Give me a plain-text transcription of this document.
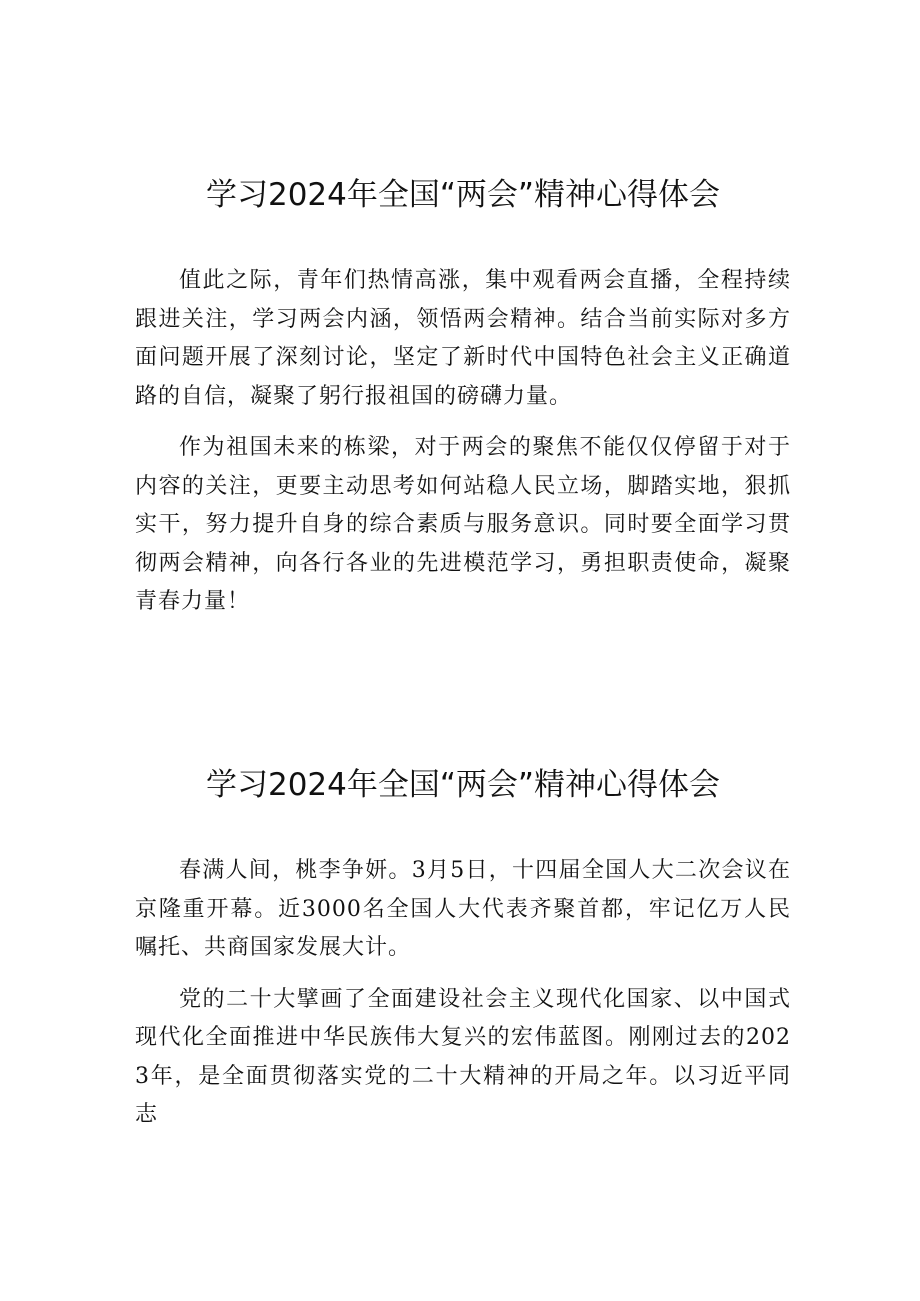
学习2024年全国“两会”精神心得体会

值此之际，青年们热情高涨，集中观看两会直播，全程持续跟进关注，学习两会内涵，领悟两会精神。结合当前实际对多方面问题开展了深刻讨论，坚定了新时代中国特色社会主义正确道路的自信，凝聚了躬行报祖国的磅礴力量。

作为祖国未来的栋梁，对于两会的聚焦不能仅仅停留于对于内容的关注，更要主动思考如何站稳人民立场，脚踏实地，狠抓实干，努力提升自身的综合素质与服务意识。同时要全面学习贯彻两会精神，向各行各业的先进模范学习，勇担职责使命，凝聚青春力量！

学习2024年全国“两会”精神心得体会

春满人间，桃李争妍。3月5日，十四届全国人大二次会议在京隆重开幕。近3000名全国人大代表齐聚首都，牢记亿万人民嘱托、共商国家发展大计。

党的二十大擘画了全面建设社会主义现代化国家、以中国式现代化全面推进中华民族伟大复兴的宏伟蓝图。刚刚过去的2023年，是全面贯彻落实党的二十大精神的开局之年。以习近平同志
